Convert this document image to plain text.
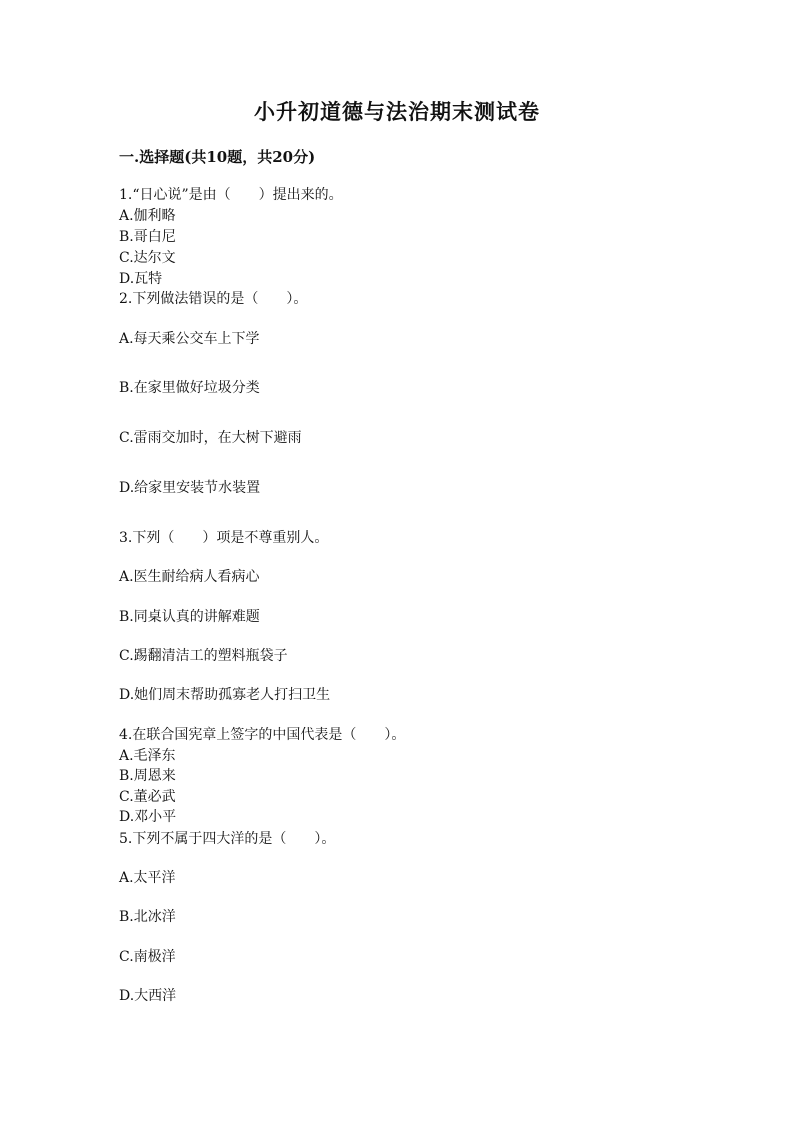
小升初道德与法治期末测试卷
一.选择题(共10题，共20分)
1.“日心说”是由（　　）提出来的。
A.伽利略
B.哥白尼
C.达尔文
D.瓦特
2.下列做法错误的是（　　）。
A.每天乘公交车上下学
B.在家里做好垃圾分类
C.雷雨交加时，在大树下避雨
D.给家里安装节水装置
3.下列（　　）项是不尊重别人。
A.医生耐给病人看病心
B.同桌认真的讲解难题
C.踢翻清洁工的塑料瓶袋子
D.她们周末帮助孤寡老人打扫卫生
4.在联合国宪章上签字的中国代表是（　　）。
A.毛泽东
B.周恩来
C.董必武
D.邓小平
5.下列不属于四大洋的是（　　）。
A.太平洋
B.北冰洋
C.南极洋
D.大西洋
